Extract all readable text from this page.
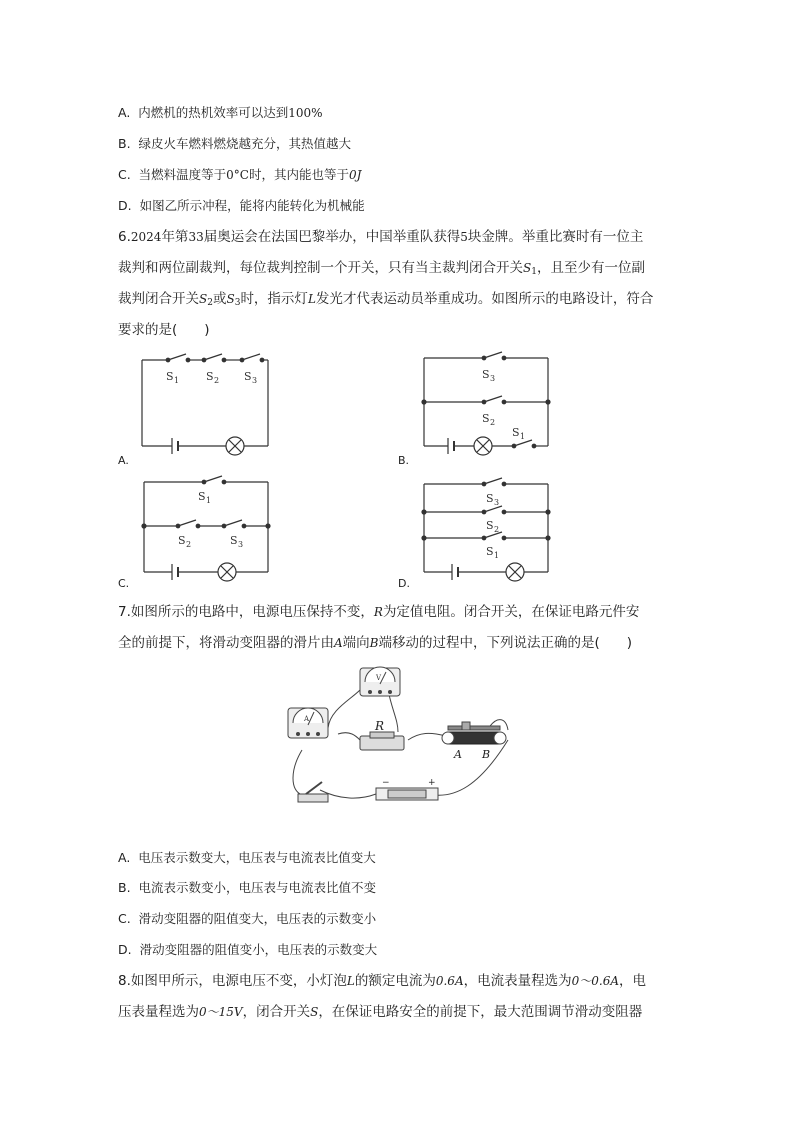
A. 内燃机的热机效率可以达到100%
B. 绿皮火车燃料燃烧越充分，其热值越大
C. 当燃料温度等于0°C时，其内能也等于0J
D. 如图乙所示冲程，能将内能转化为机械能
6.2024年第33届奥运会在法国巴黎举办，中国举重队获得5块金牌。举重比赛时有一位主
裁判和两位副裁判，每位裁判控制一个开关，只有当主裁判闭合开关$S_1$，且至少有一位副
裁判闭合开关$S_2$或$S_3$时，指示灯L发光才代表运动员举重成功。如图所示的电路设计，符合
要求的是(　　)
S 1 S 2 S 3
A.
S 3
S 2
S 1
B.
S 1
S 2	S 3
C.
S 3
S 2
S 1
D.
7.如图所示的电路中，电源电压保持不变，R为定值电阻。闭合开关，在保证电路元件安
全的前提下，将滑动变阻器的滑片由A端向B端移动的过程中，下列说法正确的是(　　)
V
A	R
A B
−	+
A. 电压表示数变大，电压表与电流表比值变大
B. 电流表示数变小，电压表与电流表比值不变
C. 滑动变阻器的阻值变大，电压表的示数变小
D. 滑动变阻器的阻值变小，电压表的示数变大
8.如图甲所示，电源电压不变，小灯泡L的额定电流为0.6A，电流表量程选为0～0.6A，电
压表量程选为0～15V，闭合开关S，在保证电路安全的前提下，最大范围调节滑动变阻器
